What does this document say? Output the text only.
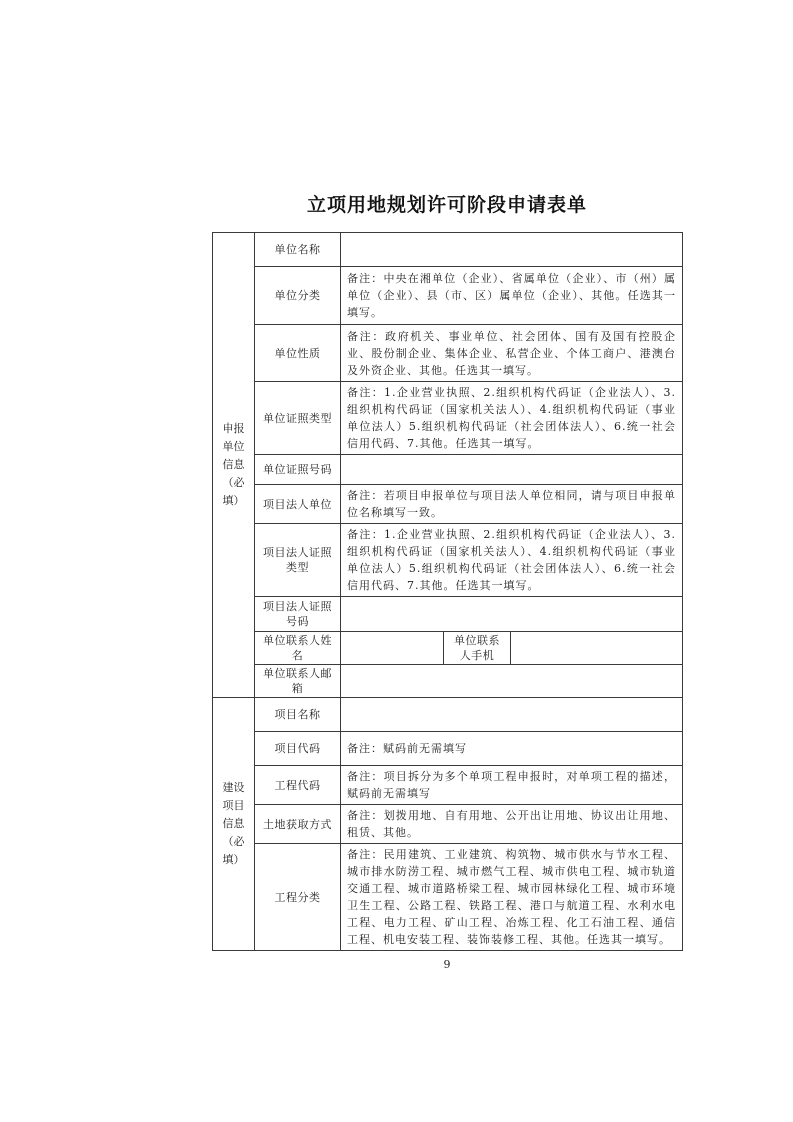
立项用地规划许可阶段申请表单
申报单位信息（必填）	单位名称			
	单位分类	备注：中央在湘单位（企业）、省属单位（企业）、市（州）属单位（企业）、县（市、区）属单位（企业）、其他。任选其一填写。		
	单位性质	备注：政府机关、事业单位、社会团体、国有及国有控股企业、股份制企业、集体企业、私营企业、个体工商户、港澳台及外资企业、其他。任选其一填写。		
	单位证照类型	备注：1.企业营业执照、2.组织机构代码证（企业法人）、3.组织机构代码证（国家机关法人）、4.组织机构代码证（事业单位法人）5.组织机构代码证（社会团体法人）、6.统一社会信用代码、7.其他。任选其一填写。		
	单位证照号码			
	项目法人单位	备注：若项目申报单位与项目法人单位相同，请与项目申报单位名称填写一致。		
	项目法人证照类型	备注：1.企业营业执照、2.组织机构代码证（企业法人）、3.组织机构代码证（国家机关法人）、4.组织机构代码证（事业单位法人）5.组织机构代码证（社会团体法人）、6.统一社会信用代码、7.其他。任选其一填写。		
	项目法人证照号码			
	单位联系人姓名		单位联系人手机	
	单位联系人邮箱			
建设项目信息（必填）	项目名称			
	项目代码	备注：赋码前无需填写		
	工程代码	备注：项目拆分为多个单项工程申报时，对单项工程的描述，赋码前无需填写		
	土地获取方式	备注：划拨用地、自有用地、公开出让用地、协议出让用地、租赁、其他。		
	工程分类	备注：民用建筑、工业建筑、构筑物、城市供水与节水工程、城市排水防涝工程、城市燃气工程、城市供电工程、城市轨道交通工程、城市道路桥梁工程、城市园林绿化工程、城市环境卫生工程、公路工程、铁路工程、港口与航道工程、水利水电工程、电力工程、矿山工程、冶炼工程、化工石油工程、通信工程、机电安装工程、装饰装修工程、其他。任选其一填写。		
9
